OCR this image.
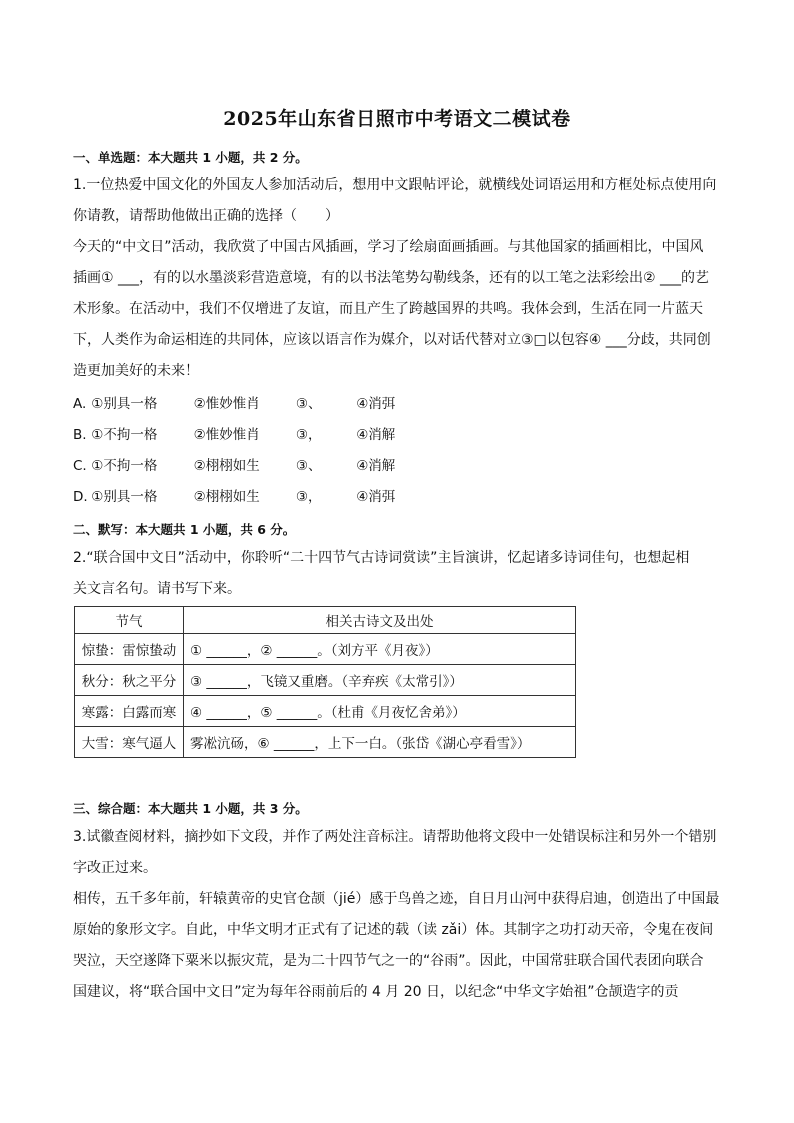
2025年山东省日照市中考语文二模试卷
一、单选题：本大题共 1 小题，共 2 分。
1.一位热爱中国文化的外国友人参加活动后，想用中文跟帖评论，就横线处词语运用和方框处标点使用向
你请教，请帮助他做出正确的选择（　　）
今天的“中文日”活动，我欣赏了中国古风插画，学习了绘扇面画插画。与其他国家的插画相比，中国风
插画① ___，有的以水墨淡彩营造意境，有的以书法笔势勾勒线条，还有的以工笔之法彩绘出② ___的艺
术形象。在活动中，我们不仅增进了友谊，而且产生了跨越国界的共鸣。我体会到，生活在同一片蓝天
下，人类作为命运相连的共同体，应该以语言作为媒介，以对话代替对立③□以包容④ ___分歧，共同创
造更加美好的未来！
A. ①别具一格	②惟妙惟肖	③、	④消弭
B. ①不拘一格	②惟妙惟肖	③，	④消解
C. ①不拘一格	②栩栩如生	③、	④消解
D. ①别具一格	②栩栩如生	③，	④消弭
二、默写：本大题共 1 小题，共 6 分。
2.“联合国中文日”活动中，你聆听“二十四节气古诗词赏读”主旨演讲，忆起诸多诗词佳句，也想起相
关文言名句。请书写下来。
节气	相关古诗文及出处
惊蛰：雷惊蛰动	① ______，② ______。（刘方平《月夜》）
秋分：秋之平分	③ ______，飞镜又重磨。（辛弃疾《太常引》）
寒露：白露而寒	④ ______，⑤ ______。（杜甫《月夜忆舍弟》）
大雪：寒气逼人	雾凇沆砀，⑥ ______，上下一白。（张岱《湖心亭看雪》）
三、综合题：本大题共 1 小题，共 3 分。
3.试徽查阅材料，摘抄如下文段，并作了两处注音标注。请帮助他将文段中一处错误标注和另外一个错别
字改正过来。
相传，五千多年前，轩辕黄帝的史官仓颉（jié）感于鸟兽之迹，自日月山河中获得启迪，创造出了中国最
原始的象形文字。自此，中华文明才正式有了记述的载（读 zǎi）体。其制字之功打动天帝，令鬼在夜间
哭泣，天空遂降下粟米以振灾荒，是为二十四节气之一的“谷雨”。因此，中国常驻联合国代表团向联合
国建议，将“联合国中文日”定为每年谷雨前后的 4 月 20 日，以纪念“中华文字始祖”仓颉造字的贡
